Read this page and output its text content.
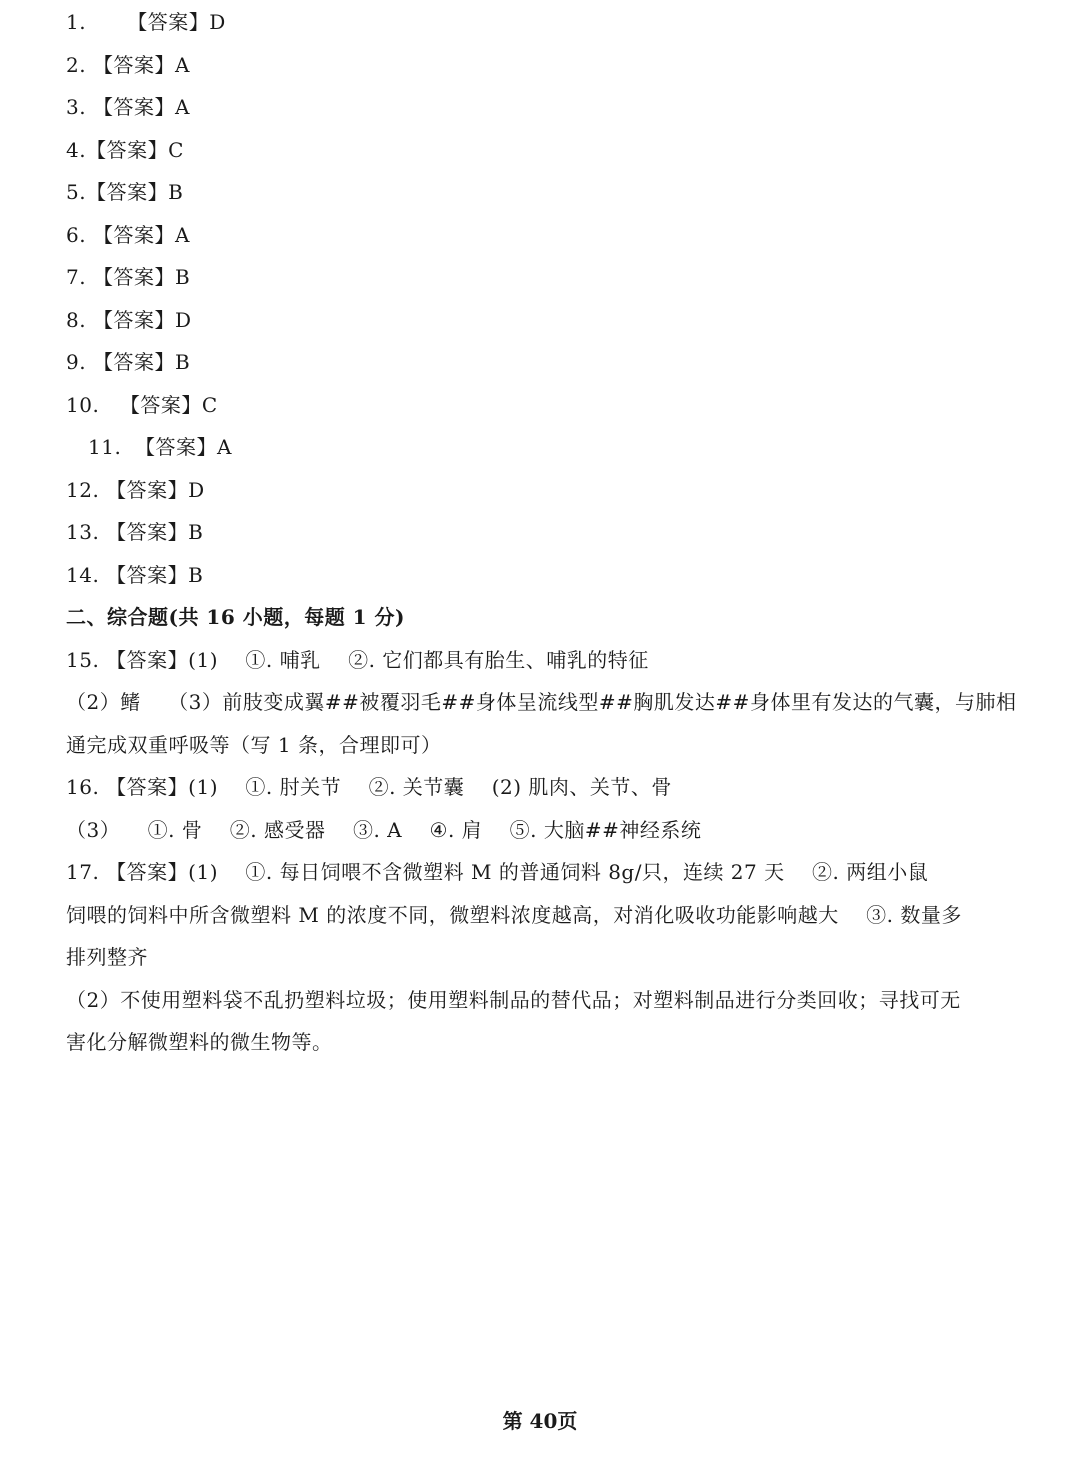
1.      【答案】D
2. 【答案】A
3. 【答案】A
4.【答案】C
5.【答案】B
6. 【答案】A
7. 【答案】B
8. 【答案】D
9. 【答案】B
10.   【答案】C
11.  【答案】A
12. 【答案】D
13. 【答案】B
14. 【答案】B
二、综合题(共 16 小题，每题 1 分)
15. 【答案】(1)    ①. 哺乳    ②. 它们都具有胎生、哺乳的特征
（2）鳍    （3）前肢变成翼##被覆羽毛##身体呈流线型##胸肌发达##身体里有发达的气囊，与肺相
通完成双重呼吸等（写 1 条，合理即可）
16. 【答案】(1)    ①. 肘关节    ②. 关节囊    (2) 肌肉、关节、骨
（3）    ①. 骨    ②. 感受器    ③. A    ④. 肩    ⑤. 大脑##神经系统
17. 【答案】(1)    ①. 每日饲喂不含微塑料 M 的普通饲料 8g/只，连续 27 天    ②. 两组小鼠
饲喂的饲料中所含微塑料 M 的浓度不同，微塑料浓度越高，对消化吸收功能影响越大    ③. 数量多
排列整齐
（2）不使用塑料袋不乱扔塑料垃圾；使用塑料制品的替代品；对塑料制品进行分类回收；寻找可无
害化分解微塑料的微生物等。
第 40页
